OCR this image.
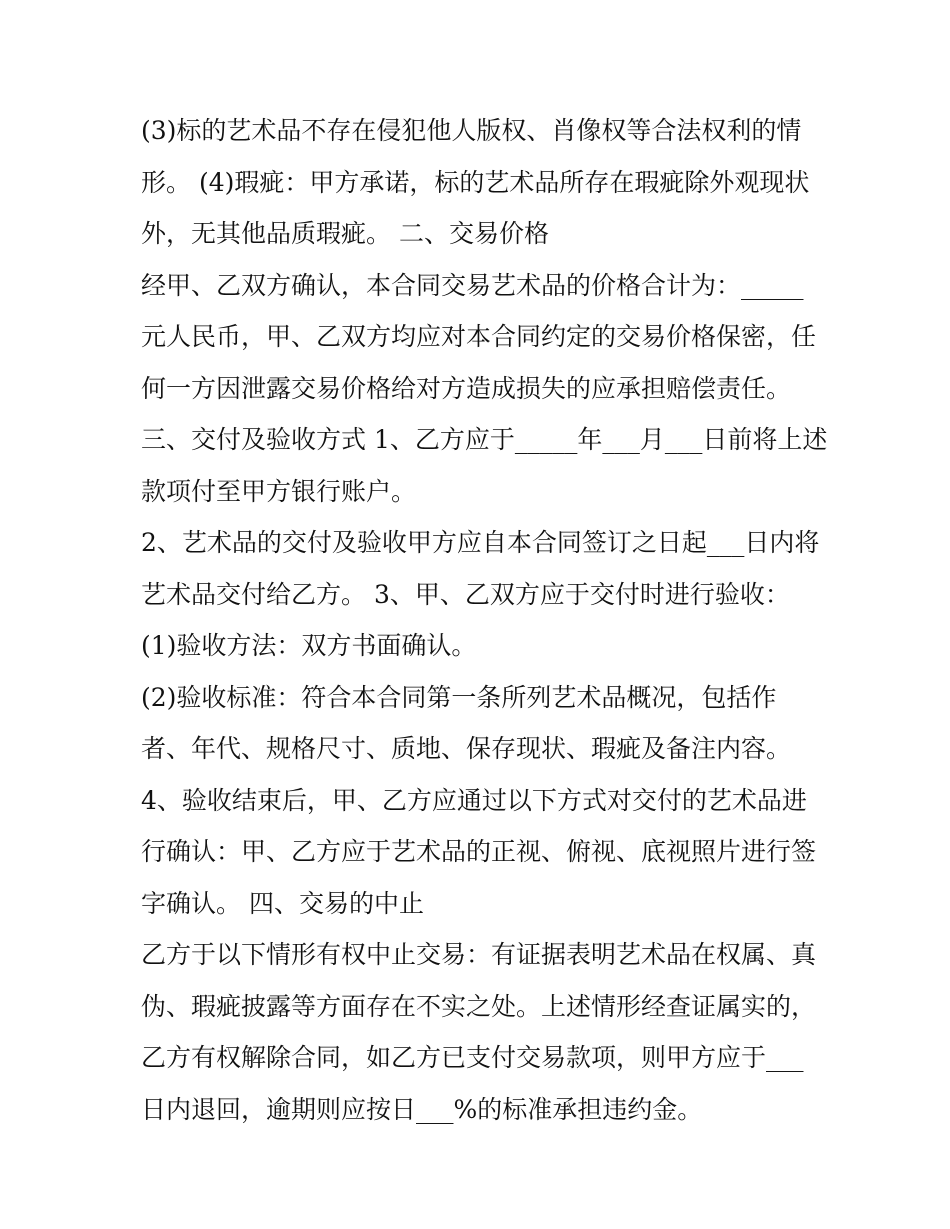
(3)标的艺术品不存在侵犯他人版权、肖像权等合法权利的情
形。 (4)瑕疵：甲方承诺，标的艺术品所存在瑕疵除外观现状
外，无其他品质瑕疵。 二、交易价格
经甲、乙双方确认，本合同交易艺术品的价格合计为：_____
元人民币，甲、乙双方均应对本合同约定的交易价格保密，任
何一方因泄露交易价格给对方造成损失的应承担赔偿责任。
三、交付及验收方式 1、乙方应于_____年___月___日前将上述
款项付至甲方银行账户。
2、艺术品的交付及验收甲方应自本合同签订之日起___日内将
艺术品交付给乙方。 3、甲、乙双方应于交付时进行验收：
(1)验收方法：双方书面确认。
(2)验收标准：符合本合同第一条所列艺术品概况，包括作
者、年代、规格尺寸、质地、保存现状、瑕疵及备注内容。
4、验收结束后，甲、乙方应通过以下方式对交付的艺术品进
行确认：甲、乙方应于艺术品的正视、俯视、底视照片进行签
字确认。 四、交易的中止
乙方于以下情形有权中止交易：有证据表明艺术品在权属、真
伪、瑕疵披露等方面存在不实之处。上述情形经查证属实的，
乙方有权解除合同，如乙方已支付交易款项，则甲方应于___
日内退回，逾期则应按日___%的标准承担违约金。
